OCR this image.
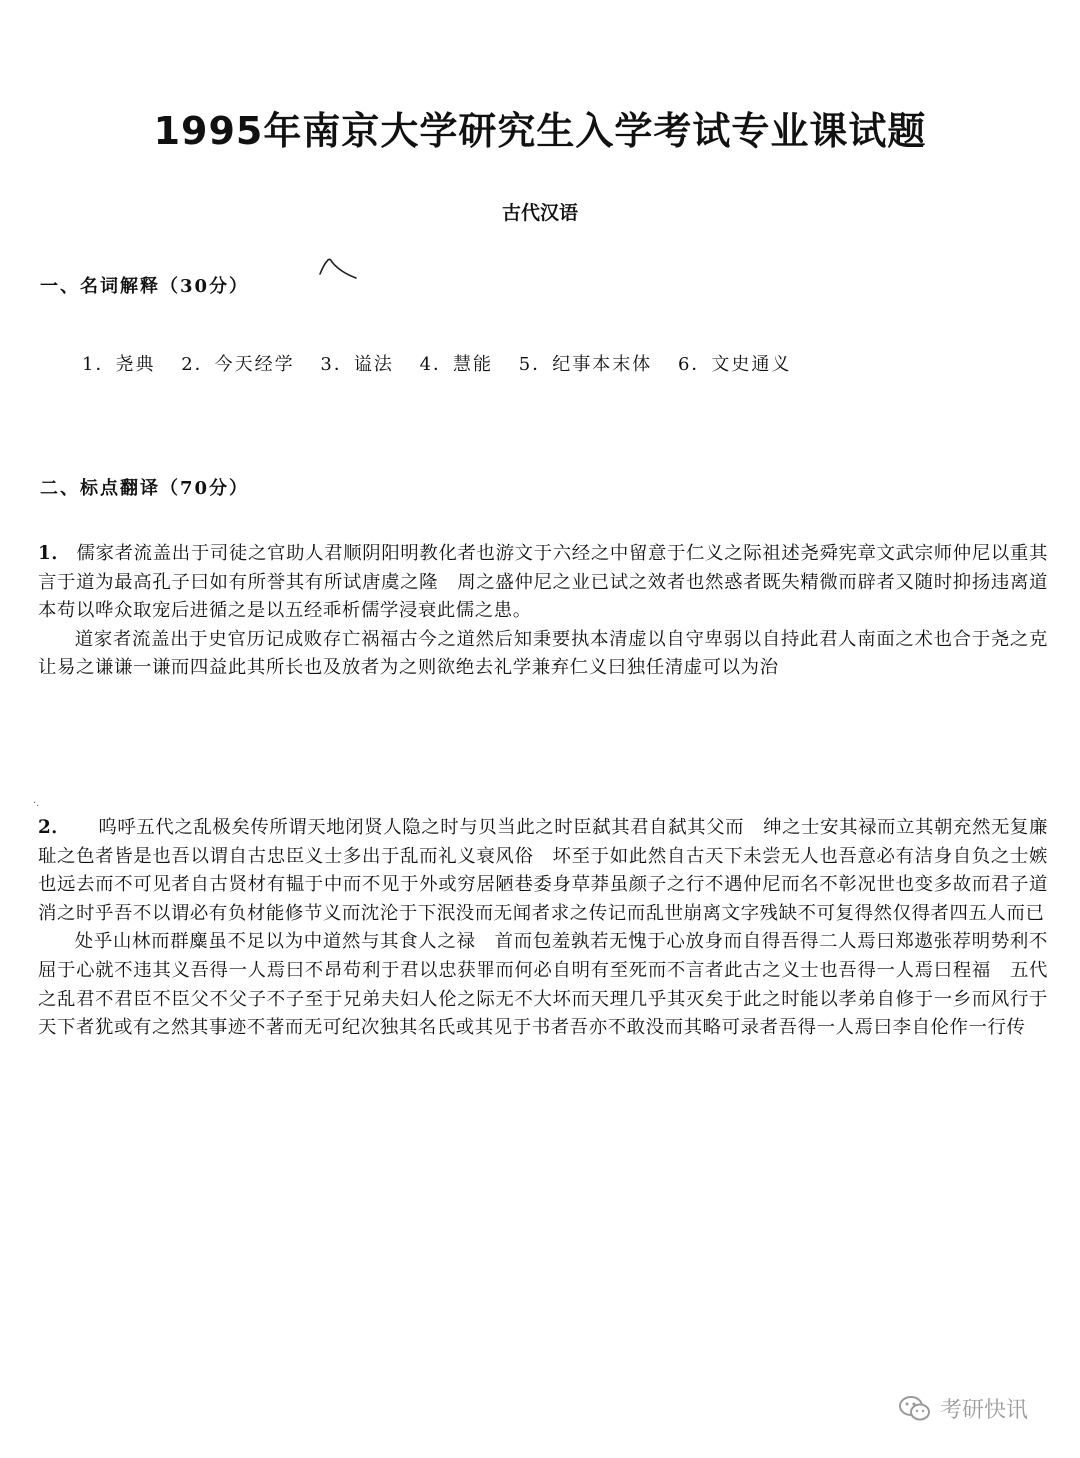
1995年南京大学研究生入学考试专业课试题
古代汉语
一、名词解释（30分）
1．尧典 2．今天经学 3．谥法 4．慧能 5．纪事本末体 6．文史通义
二、标点翻译（70分）

1． 儒家者流盖出于司徒之官助人君顺阴阳明教化者也游文于六经之中留意于仁义之际祖述尧舜宪章文武宗师仲尼以重其言于道为最高孔子曰如有所誉其有所试唐虞之隆　周之盛仲尼之业已试之效者也然惑者既失精微而辟者又随时抑扬违离道本苟以哗众取宠后进循之是以五经乖析儒学浸衰此儒之患。

道家者流盖出于史官历记成败存亡祸福古今之道然后知秉要执本清虚以自守卑弱以自持此君人南面之术也合于尧之克让易之谦谦一谦而四益此其所长也及放者为之则欲绝去礼学兼弃仁义曰独任清虚可以为治

·.

2． 呜呼五代之乱极矣传所谓天地闭贤人隐之时与贝当此之时臣弑其君自弑其父而　绅之士安其禄而立其朝充然无复廉耻之色者皆是也吾以谓自古忠臣义士多出于乱而礼义衰风俗　坏至于如此然自古天下未尝无人也吾意必有洁身自负之士嫉也远去而不可见者自古贤材有韫于中而不见于外或穷居陋巷委身草莽虽颜子之行不遇仲尼而名不彰况世也变多故而君子道消之时乎吾不以谓必有负材能修节义而沈沦于下泯没而无闻者求之传记而乱世崩离文字残缺不可复得然仅得者四五人而已

处乎山林而群麋虽不足以为中道然与其食人之禄　首而包羞孰若无愧于心放身而自得吾得二人焉曰郑遨张荐明势利不屈于心就不违其义吾得一人焉曰不昂苟利于君以忠获罪而何必自明有至死而不言者此古之义士也吾得一人焉曰程福　五代之乱君不君臣不臣父不父子不子至于兄弟夫妇人伦之际无不大坏而天理几乎其灭矣于此之时能以孝弟自修于一乡而风行于天下者犹或有之然其事迹不著而无可纪次独其名氏或其见于书者吾亦不敢没而其略可录者吾得一人焉曰李自伦作一行传

考研快讯
